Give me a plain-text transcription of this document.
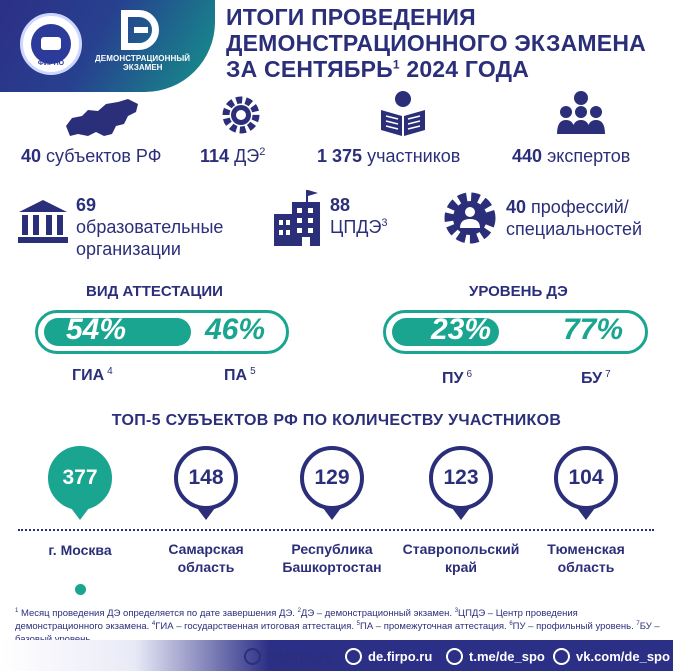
ФИРПО
ДЕМОНСТРАЦИОННЫЙ
ЭКЗАМЕН
ИТОГИ ПРОВЕДЕНИЯ
ДЕМОНСТРАЦИОННОГО ЭКЗАМЕНА
ЗА СЕНТЯБРЬ$^1$ 2024 ГОДА
40 субъектов РФ 114 $ДЭ^2$	1 375 участников	440 экспертов
69
образовательные
организации
88
ЦПДЭ$^3$
40 профессий/
специальностей
ВИД АТТЕСТАЦИИ
54%	46%
ГИА $^4$	ПА $^5$
УРОВЕНЬ ДЭ
23% 77%
ПУ $^6$	БУ $^7$
ТОП-5 СУБЪЕКТОВ РФ ПО КОЛИЧЕСТВУ УЧАСТНИКОВ
377
г. Москва
148
Самарская
область
129
Республика
Башкортостан
123
Ставропольский
край
104
Тюменская
область
$^1$ Месяц проведения ДЭ определяется по дате завершения ДЭ. $^2$ДЭ – демонстрационный экзамен. $^3$ЦПДЭ – Центр проведения демонстрационного экзамена. $^4$ГИА – государственная итоговая аттестация. $^5$ПА – промежуточная аттестация. $^6$ПУ – профильный уровень. $^7$БУ –
hd.firpo.ru	de.firpo.ru	t.me/de_spo vk.com/de_spo
